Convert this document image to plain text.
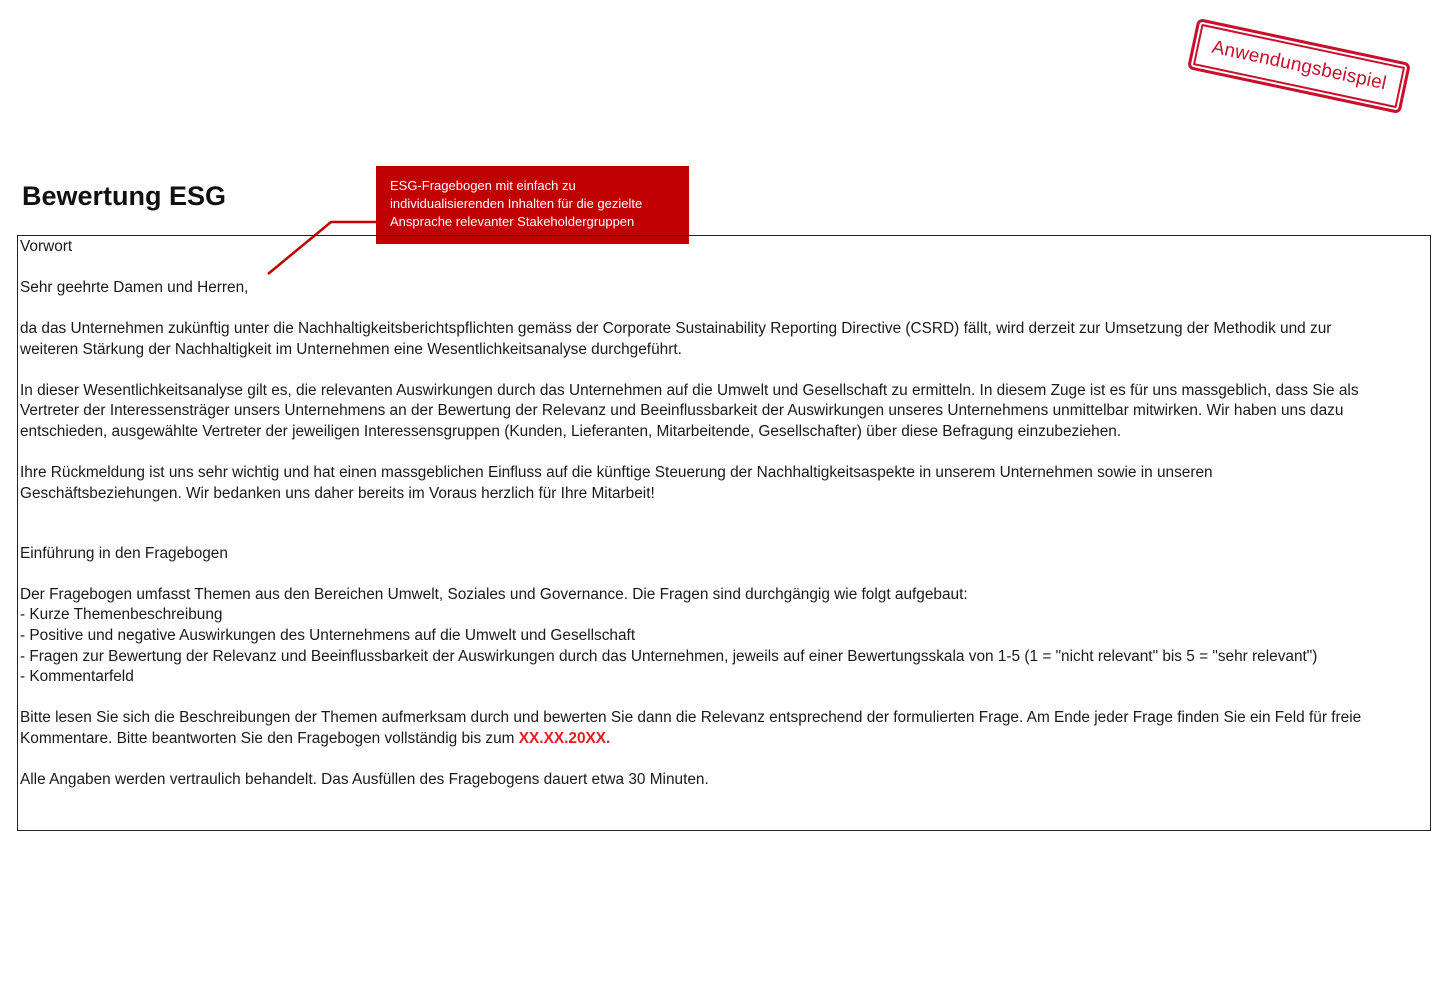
Anwendungsbeispiel
Bewertung ESG	ESG-Fragebogen mit einfach zu
individualisierenden Inhalten für die gezielte
Ansprache relevanter Stakeholdergruppen
Vorwort
Sehr geehrte Damen und Herren,
da das Unternehmen zukünftig unter die Nachhaltigkeitsberichtspflichten gemäss der Corporate Sustainability Reporting Directive (CSRD) fällt, wird derzeit zur Umsetzung der Methodik und zur
weiteren Stärkung der Nachhaltigkeit im Unternehmen eine Wesentlichkeitsanalyse durchgeführt.
In dieser Wesentlichkeitsanalyse gilt es, die relevanten Auswirkungen durch das Unternehmen auf die Umwelt und Gesellschaft zu ermitteln. In diesem Zuge ist es für uns massgeblich, dass Sie als
Vertreter der Interessensträger unsers Unternehmens an der Bewertung der Relevanz und Beeinflussbarkeit der Auswirkungen unseres Unternehmens unmittelbar mitwirken. Wir haben uns dazu
entschieden, ausgewählte Vertreter der jeweiligen Interessensgruppen (Kunden, Lieferanten, Mitarbeitende, Gesellschafter) über diese Befragung einzubeziehen.
Ihre Rückmeldung ist uns sehr wichtig und hat einen massgeblichen Einfluss auf die künftige Steuerung der Nachhaltigkeitsaspekte in unserem Unternehmen sowie in unseren
Geschäftsbeziehungen. Wir bedanken uns daher bereits im Voraus herzlich für Ihre Mitarbeit!
Einführung in den Fragebogen
Der Fragebogen umfasst Themen aus den Bereichen Umwelt, Soziales und Governance. Die Fragen sind durchgängig wie folgt aufgebaut:
- Kurze Themenbeschreibung
- Positive und negative Auswirkungen des Unternehmens auf die Umwelt und Gesellschaft
- Fragen zur Bewertung der Relevanz und Beeinflussbarkeit der Auswirkungen durch das Unternehmen, jeweils auf einer Bewertungsskala von 1-5 (1 = "nicht relevant" bis 5 = "sehr relevant")
- Kommentarfeld
Bitte lesen Sie sich die Beschreibungen der Themen aufmerksam durch und bewerten Sie dann die Relevanz entsprechend der formulierten Frage. Am Ende jeder Frage finden Sie ein Feld für freie
Kommentare. Bitte beantworten Sie den Fragebogen vollständig bis zum XX.XX.20XX.
Alle Angaben werden vertraulich behandelt. Das Ausfüllen des Fragebogens dauert etwa 30 Minuten.
